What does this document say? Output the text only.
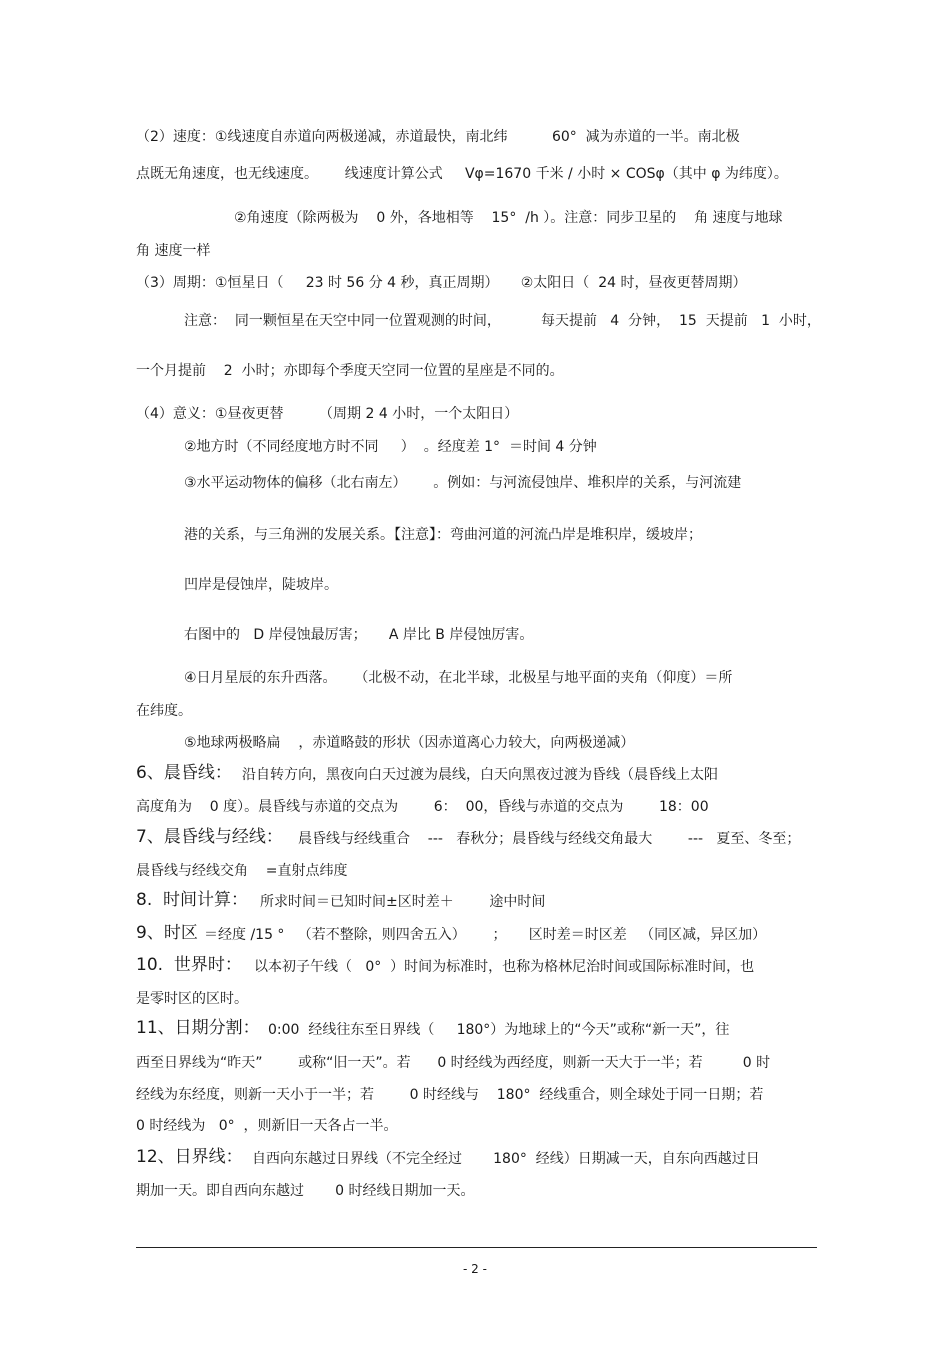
（2）速度：①线速度自赤道向两极递减，赤道最快，南北纬          60°  减为赤道的一半。南北极
点既无角速度，也无线速度。      线速度计算公式     Vφ=1670 千米 / 小时 × COSφ（其中 φ 为纬度）。
②角速度（除两极为    0 外，各地相等    15°  /h ）。注意：同步卫星的    角 速度与地球
角 速度一样
（3）周期：①恒星日（     23 时 56 分 4 秒，真正周期）     ②太阳日（  24 时，昼夜更替周期）
注意：  同一颗恒星在天空中同一位置观测的时间，         每天提前   4  分钟，  15  天提前   1  小时，
一个月提前    2  小时；亦即每个季度天空同一位置的星座是不同的。
（4）意义：①昼夜更替        （周期 2 4 小时，一个太阳日）
②地方时（不同经度地方时不同     ）  。经度差 1°  ＝时间 4 分钟
③水平运动物体的偏移（北右南左）      。例如：与河流侵蚀岸、堆积岸的关系，与河流建
港的关系，与三角洲的发展关系。【注意】：弯曲河道的河流凸岸是堆积岸，缓坡岸；
凹岸是侵蚀岸，陡坡岸。
右图中的   D 岸侵蚀最厉害；     A 岸比 B 岸侵蚀厉害。
④日月星辰的东升西落。    （北极不动，在北半球，北极星与地平面的夹角（仰度）＝所
在纬度。
⑤地球两极略扁    ，赤道略鼓的形状（因赤道离心力较大，向两极递减）
6、晨昏线： 沿自转方向，黑夜向白天过渡为晨线，白天向黑夜过渡为昏线（晨昏线上太阳
高度角为    0 度）。晨昏线与赤道的交点为        6：  00，昏线与赤道的交点为        18：00
7、晨昏线与经线： 晨昏线与经线重合    ---   春秋分；晨昏线与经线交角最大        ---   夏至、冬至；
晨昏线与经线交角    =直射点纬度
8.  时间计算： 所求时间＝已知时间±区时差＋        途中时间
9、时区 ＝经度 /15 °   （若不整除，则四舍五入）      ；     区时差＝时区差   （同区减，异区加）
10.  世界时： 以本初子午线（   0°  ）时间为标准时，也称为格林尼治时间或国际标准时间，也
是零时区的区时。
11、日期分割： 0:00  经线往东至日界线（     180°）为地球上的“今天”或称“新一天”，往
西至日界线为“昨天”        或称“旧一天”。若      0 时经线为西经度，则新一天大于一半；若         0 时
经线为东经度，则新一天小于一半；若        0 时经线与    180°  经线重合，则全球处于同一日期；若
0 时经线为   0°  ，则新旧一天各占一半。
12、日界线： 自西向东越过日界线（不完全经过       180°  经线）日期减一天，自东向西越过日
期加一天。即自西向东越过       0 时经线日期加一天。
- 2 -
